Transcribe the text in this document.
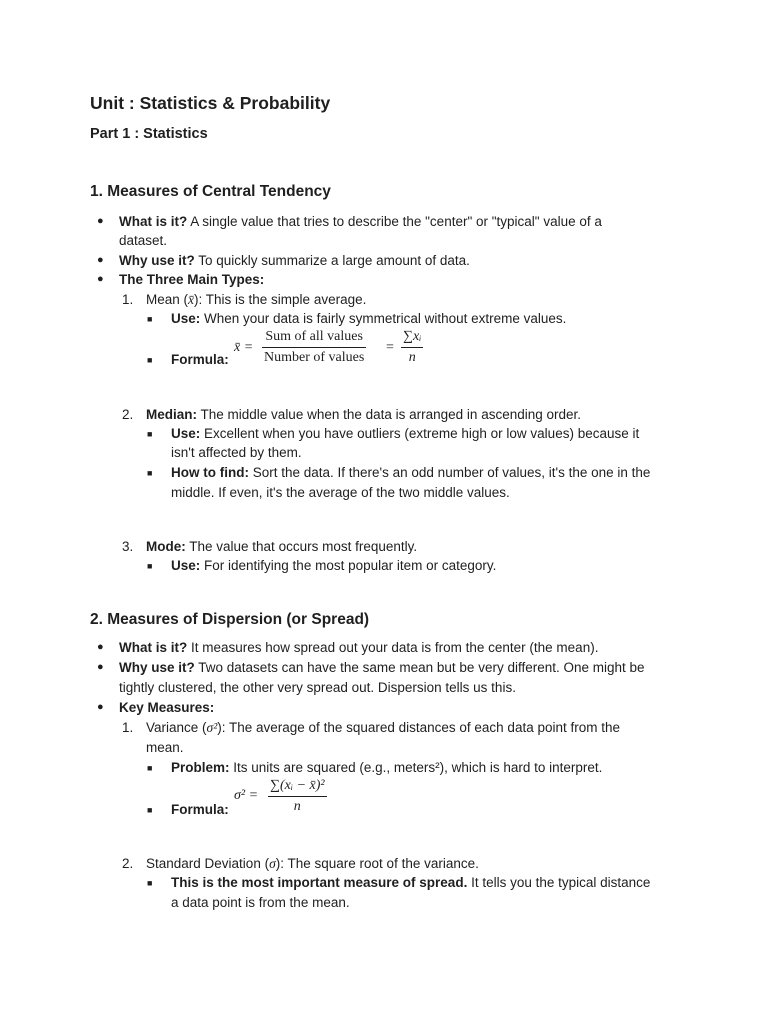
Unit : Statistics & Probability
Part 1 : Statistics
1. Measures of Central Tendency
● What is it? A single value that tries to describe the "center" or "typical" value of a
dataset.
● Why use it? To quickly summarize a large amount of data.
● The Three Main Types:
1. Mean (x̄): This is the simple average.
■ Use: When your data is fairly symmetrical without extreme values.
■ Formula:
x̄ =
Sum of all values
Number of values
=
∑xᵢ
n
2. Median: The middle value when the data is arranged in ascending order.
■ Use: Excellent when you have outliers (extreme high or low values) because it
isn't affected by them.
■ How to find: Sort the data. If there's an odd number of values, it's the one in the
middle. If even, it's the average of the two middle values.
3. Mode: The value that occurs most frequently.
■ Use: For identifying the most popular item or category.
2. Measures of Dispersion (or Spread)
● What is it? It measures how spread out your data is from the center (the mean).
● Why use it? Two datasets can have the same mean but be very different. One might be
tightly clustered, the other very spread out. Dispersion tells us this.
● Key Measures:
1. Variance (σ²): The average of the squared distances of each data point from the
mean.
■ Problem: Its units are squared (e.g., meters²), which is hard to interpret.
■ Formula:
σ² =
∑(xᵢ − x̄)²
n
2. Standard Deviation (σ): The square root of the variance.
■ This is the most important measure of spread. It tells you the typical distance
a data point is from the mean.
